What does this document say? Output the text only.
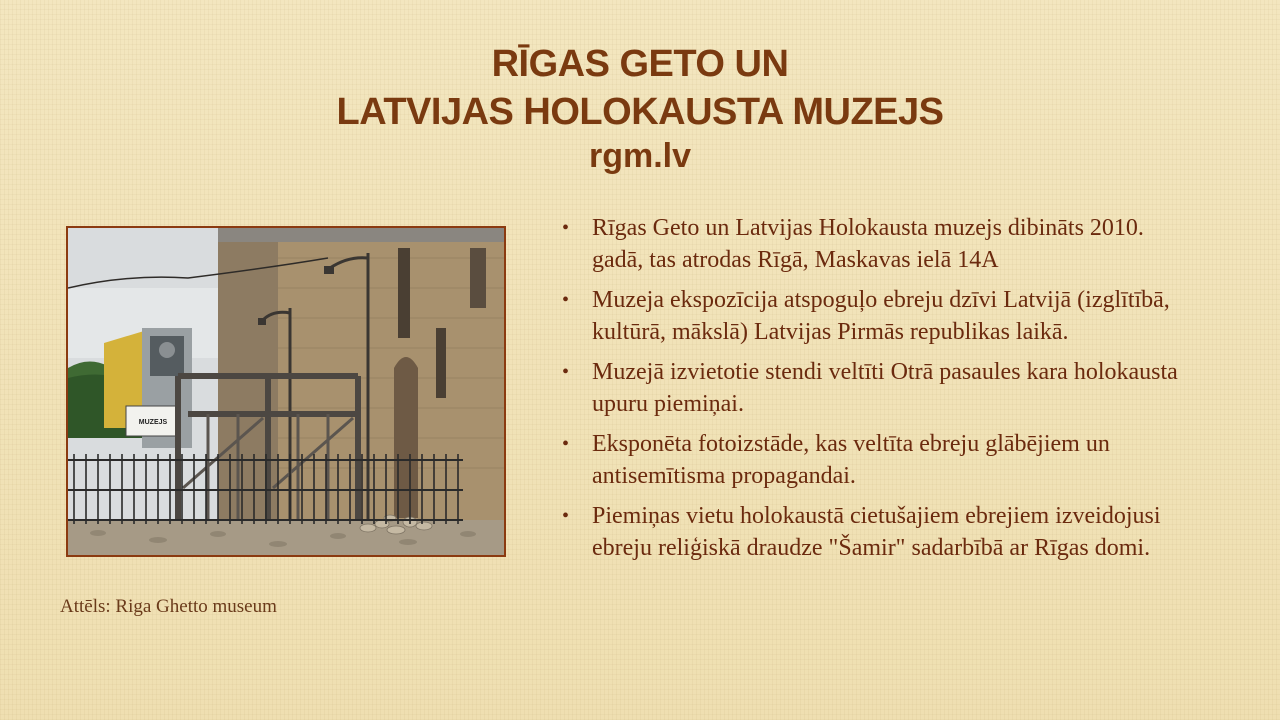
RĪGAS GETO UN
LATVIJAS HOLOKAUSTA MUZEJS
rgm.lv
MUZEJS
Attēls: Riga Ghetto museum
• Rīgas Geto un Latvijas Holokausta muzejs dibināts 2010. gadā, tas atrodas Rīgā, Maskavas ielā 14A
• Muzeja ekspozīcija atspoguļo ebreju dzīvi Latvijā (izglītībā, kultūrā, mākslā) Latvijas Pirmās republikas laikā.
• Muzejā izvietotie stendi veltīti Otrā pasaules kara holokausta upuru piemiņai.
• Eksponēta fotoizstāde, kas veltīta ebreju glābējiem un antisemītisma propagandai.
• Piemiņas vietu holokaustā cietušajiem ebrejiem izveidojusi ebreju reliģiskā draudze "Šamir" sadarbībā ar Rīgas domi.
